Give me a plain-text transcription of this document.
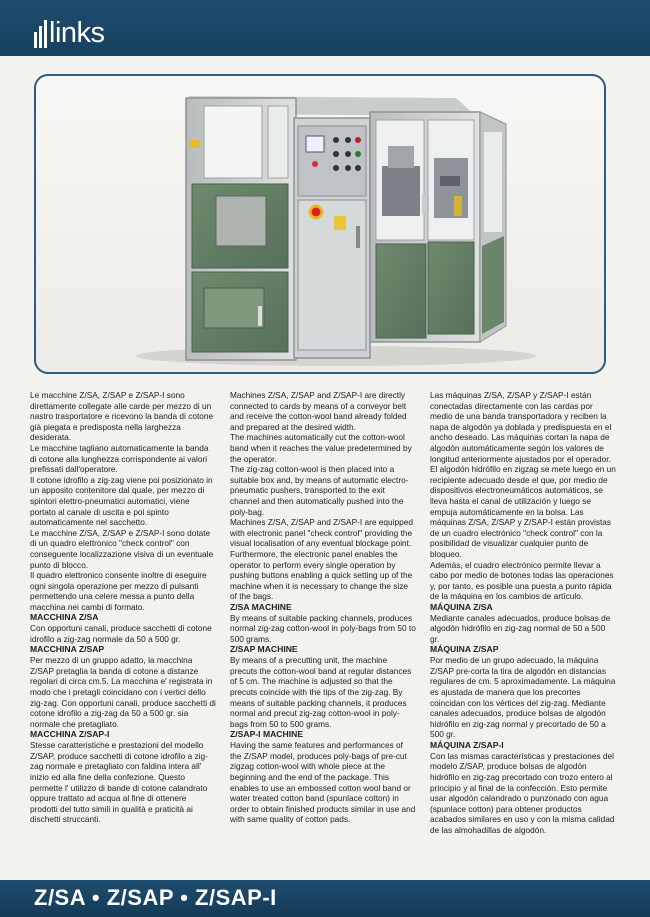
links

Le macchine Z/SA, Z/SAP e Z/SAP-I sono direttamente collegate alle carde per mezzo di un nastro trasportatore e ricevono la banda di cotone già piegata e predisposta nella larghezza desiderata.

Le macchine tagliano automaticamente la banda di cotone alla lunghezza corrispondente ai valori prefissati dall'operatore.

Il cotone idrofilo a zig-zag viene poi posizionato in un apposito contenitore dal quale, per mezzo di spintori elettro-pneumatici automatici, viene portato al canale di uscita e poi spinto automaticamente nel sacchetto.

Le macchine Z/SA, Z/SAP e Z/SAP-I sono dotate di un quadro elettronico "check control" con conseguente localizzazione visiva di un eventuale punto di blocco.

Il quadro elettronico consente inoltre di eseguire ogni singola operazione per mezzo di pulsanti permettendo una celere messa a punto della macchina nei cambi di formato.

MACCHINA Z/SA

Con opportuni canali, produce sacchetti di cotone idrofilo a zig-zag normale da 50 a 500 gr.

MACCHINA Z/SAP

Per mezzo di un gruppo adatto, la macchina Z/SAP pretaglia la banda di cotone a distanze regolari di circa cm.5. La macchina e' registrata in modo che i pretagli coincidano con i vertici dello zig-zag. Con opportuni canali, produce sacchetti di cotone idrofilo a zig-zag da 50 a 500 gr. sia normale che pretagliato.

MACCHINA Z/SAP-I

Stesse caratteristiche e prestazioni del modello Z/SAP, produce sacchetti di cotone idrofilo a zig-zag normale e pretagliato con faldina intera all' inizio ed alla fine della confezione. Questo permette l' utilizzo di bande di cotone calandrato oppure trattato ad acqua al fine di ottenere prodotti del tutto simili in qualità e praticità ai dischetti struccanti.

Machines Z/SA, Z/SAP and Z/SAP-I are directly connected to cards by means of a conveyor belt and receive the cotton-wool band already folded and prepared at the desired width.

The machines automatically cut the cotton-wool band when it reaches the value predetermined by the operator.

The zig-zag cotton-wool is then placed into a suitable box and, by means of automatic electro-pneumatic pushers, transported to the exit channel and then automatically pushed into the poly-bag.

Machines Z/SA, Z/SAP and Z/SAP-I are equipped with electronic panel "check control" providing the visual localisation of any eventual blockage point.

Furthermore, the electronic panel enables the operator to perform every single operation by pushing buttons enabling a quick setting up of the machine when it is necessary to change the size of the bags.

Z/SA MACHINE

By means of suitable packing channels, produces normal zig-zag cotton-wool in poly-bags from 50 to 500 grams.

Z/SAP MACHINE

By means of a precutting unit, the machine precuts the cotton-wool band at regular distances of 5 cm. The machine is adjusted so that the precuts coincide with the tips of the zig-zag. By means of suitable packing channels, it produces normal and precut zig-zag cotton-wool in poly-bags from 50 to 500 grams.

Z/SAP-I MACHINE

Having the same features and performances of the Z/SAP model, produces poly-bags of pre-cut zigzag cotton-wool with whole piece at the beginning and the end of the package. This enables to use an embossed cotton wool band or water treated cotton band (spunlace cotton) in order to obtain finished products similar in use and with same quality of cotton pads.

Las máquinas Z/SA, Z/SAP y Z/SAP-I están conectadas directamente con las cardas por medio de una banda transportadora y reciben la napa de algodón ya doblada y predispuesta en el ancho deseado. Las máquinas cortan la napa de algodón automáticamente según los valores de longitud anteriormente ajustados por el operador.

El algodón hidrófilo en zigzag se mete luego en un recipiente adecuado desde el que, por medio de dispositivos electroneumáticos automáticos, se lleva hasta el canal de utilización y luego se empuja automáticamente en la bolsa. Las máquinas Z/SA, Z/SAP y Z/SAP-I están provistas de un cuadro electrónico "check control" con la posibilidad de visualizar cualquier punto de bloqueo.

Además, el cuadro electrónico permite llevar a cabo por medio de botones todas las operaciones y, por tanto, es posible una puesta a punto rápida de la máquina en los cambios de artículo.

MÁQUINA Z/SA

Mediante canales adecuados, produce bolsas de algodón hidrófilo en zig-zag normal de 50 a 500 gr.

MÁQUINA Z/SAP

Por medio de un grupo adecuado, la máquina Z/SAP pre-corta la tira de algodón en distancias regulares de cm. 5 aproximadamente. La máquina es ajustada de manera que los precortes coincidan con los vértices del zig-zag. Mediante canales adecuados, produce bolsas de algodón hidrófilo en zig-zag normal y precortado de 50 a 500 gr.

MÁQUINA Z/SAP-I

Con las mismas características y prestaciones del modelo Z/SAP, produce bolsas de algodón hidrófilo en zig-zag precortado con trozo entero al principio y al final de la confección. Esto permite usar algodón calandrado o punzonado con agua (spunlace cotton) para obtener productos acabados similares en uso y con la misma calidad de las almohadillas de algodón.

Z/SA • Z/SAP • Z/SAP-I
